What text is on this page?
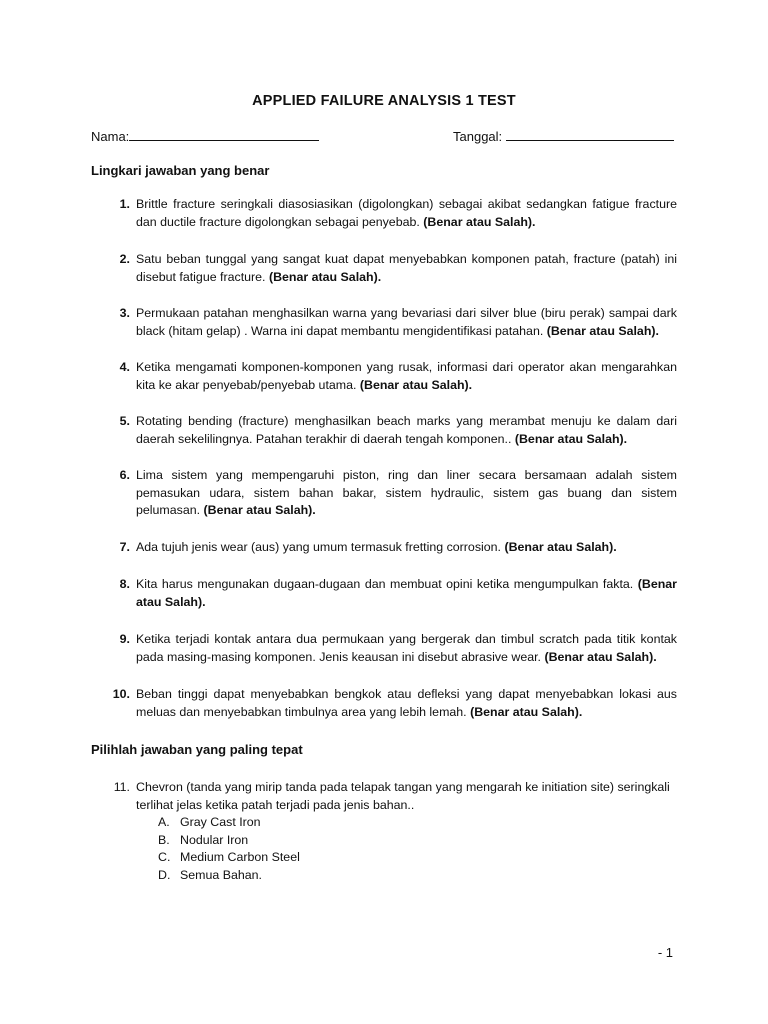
APPLIED FAILURE ANALYSIS 1 TEST
Nama:	Tanggal:
Lingkari jawaban yang benar
1. Brittle fracture seringkali diasosiasikan (digolongkan) sebagai akibat sedangkan fatigue fracture dan ductile fracture digolongkan sebagai penyebab. (Benar atau Salah).
2. Satu beban tunggal yang sangat kuat dapat menyebabkan komponen patah, fracture (patah) ini disebut fatigue fracture. (Benar atau Salah).
3. Permukaan patahan menghasilkan warna yang bevariasi dari silver blue (biru perak) sampai dark black (hitam gelap) . Warna ini dapat membantu mengidentifikasi patahan. (Benar atau Salah).
4. Ketika mengamati komponen-komponen yang rusak, informasi dari operator akan mengarahkan kita ke akar penyebab/penyebab utama. (Benar atau Salah).
5. Rotating bending (fracture) menghasilkan beach marks yang merambat menuju ke dalam dari daerah sekelilingnya. Patahan terakhir di daerah tengah komponen.. (Benar atau Salah).
6. Lima sistem yang mempengaruhi piston, ring dan liner secara bersamaan adalah sistem pemasukan udara, sistem bahan bakar, sistem hydraulic, sistem gas buang dan sistem pelumasan. (Benar atau Salah).
7. Ada tujuh jenis wear (aus) yang umum termasuk fretting corrosion. (Benar atau Salah).
8. Kita harus mengunakan dugaan-dugaan dan membuat opini ketika mengumpulkan fakta. (Benar atau Salah).
9. Ketika terjadi kontak antara dua permukaan yang bergerak dan timbul scratch pada titik kontak pada masing-masing komponen. Jenis keausan ini disebut abrasive wear. (Benar atau Salah).
10. Beban tinggi dapat menyebabkan bengkok atau defleksi yang dapat menyebabkan lokasi aus meluas dan menyebabkan timbulnya area yang lebih lemah. (Benar atau Salah).
Pilihlah jawaban yang paling tepat
11. Chevron (tanda yang mirip tanda pada telapak tangan yang mengarah ke initiation site) seringkali terlihat jelas ketika patah terjadi pada jenis bahan..
A. Gray Cast Iron
B. Nodular Iron
C. Medium Carbon Steel
D. Semua Bahan.
- 1
